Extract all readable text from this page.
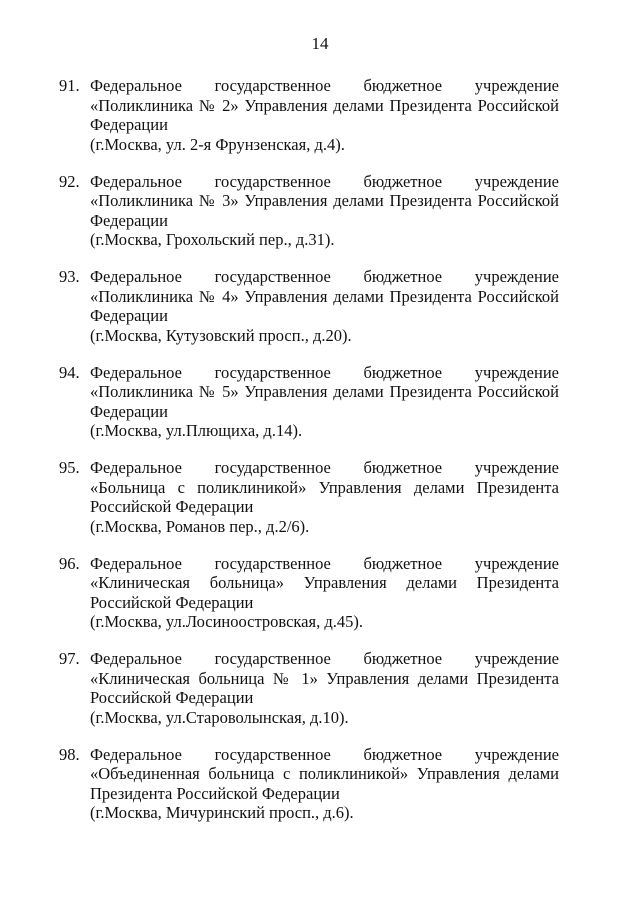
14
91. Федеральное государственное бюджетное учреждение
«Поликлиника № 2» Управления делами Президента Российской
Федерации
(г.Москва, ул. 2-я Фрунзенская, д.4).
92. Федеральное государственное бюджетное учреждение
«Поликлиника № 3» Управления делами Президента Российской
Федерации
(г.Москва, Грохольский пер., д.31).
93. Федеральное государственное бюджетное учреждение
«Поликлиника № 4» Управления делами Президента Российской
Федерации
(г.Москва, Кутузовский просп., д.20).
94. Федеральное государственное бюджетное учреждение
«Поликлиника № 5» Управления делами Президента Российской
Федерации
(г.Москва, ул.Плющиха, д.14).
95. Федеральное государственное бюджетное учреждение
«Больница с поликлиникой» Управления делами Президента
Российской Федерации
(г.Москва, Романов пер., д.2/6).
96. Федеральное государственное бюджетное учреждение
«Клиническая больница» Управления делами Президента
Российской Федерации
(г.Москва, ул.Лосиноостровская, д.45).
97. Федеральное государственное бюджетное учреждение
«Клиническая больница № 1» Управления делами Президента
Российской Федерации
(г.Москва, ул.Староволынская, д.10).
98. Федеральное государственное бюджетное учреждение
«Объединенная больница с поликлиникой» Управления делами
Президента Российской Федерации
(г.Москва, Мичуринский просп., д.6).
